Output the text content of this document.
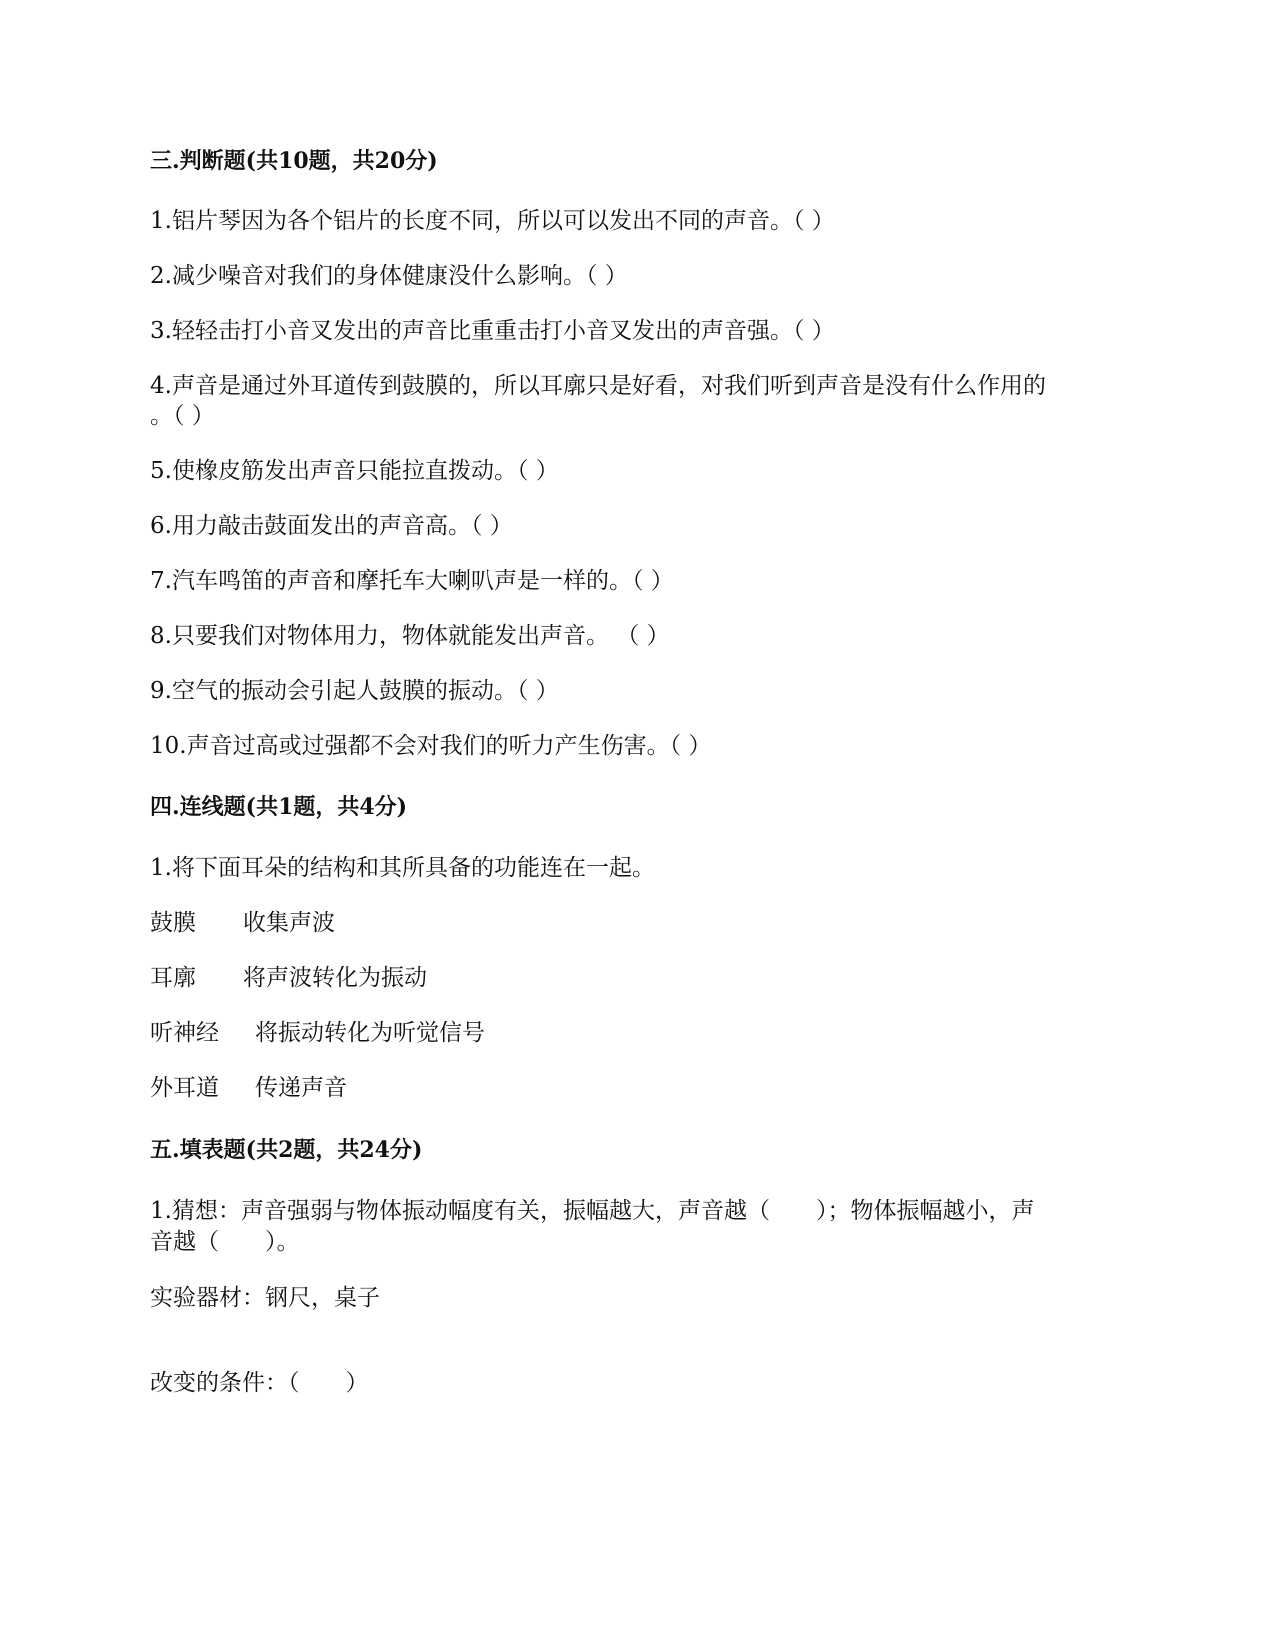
三.判断题(共10题，共20分)
1.铝片琴因为各个铝片的长度不同，所以可以发出不同的声音。（ ）
2.减少噪音对我们的身体健康没什么影响。（ ）
3.轻轻击打小音叉发出的声音比重重击打小音叉发出的声音强。（ ）
4.声音是通过外耳道传到鼓膜的，所以耳廓只是好看，对我们听到声音是没有什么作用的
。（ ）
5.使橡皮筋发出声音只能拉直拨动。（ ）
6.用力敲击鼓面发出的声音高。（ ）
7.汽车鸣笛的声音和摩托车大喇叭声是一样的。（ ）
8.只要我们对物体用力，物体就能发出声音。 （ ）
9.空气的振动会引起人鼓膜的振动。（ ）
10.声音过高或过强都不会对我们的听力产生伤害。（ ）
四.连线题(共1题，共4分)
1.将下面耳朵的结构和其所具备的功能连在一起。
鼓膜 收集声波
耳廓 将声波转化为振动
听神经 将振动转化为听觉信号
外耳道 传递声音
五.填表题(共2题，共24分)
1.猜想：声音强弱与物体振动幅度有关，振幅越大，声音越（　　）；物体振幅越小，声
音越（　　）。
实验器材：钢尺，桌子
改变的条件：（　　）
